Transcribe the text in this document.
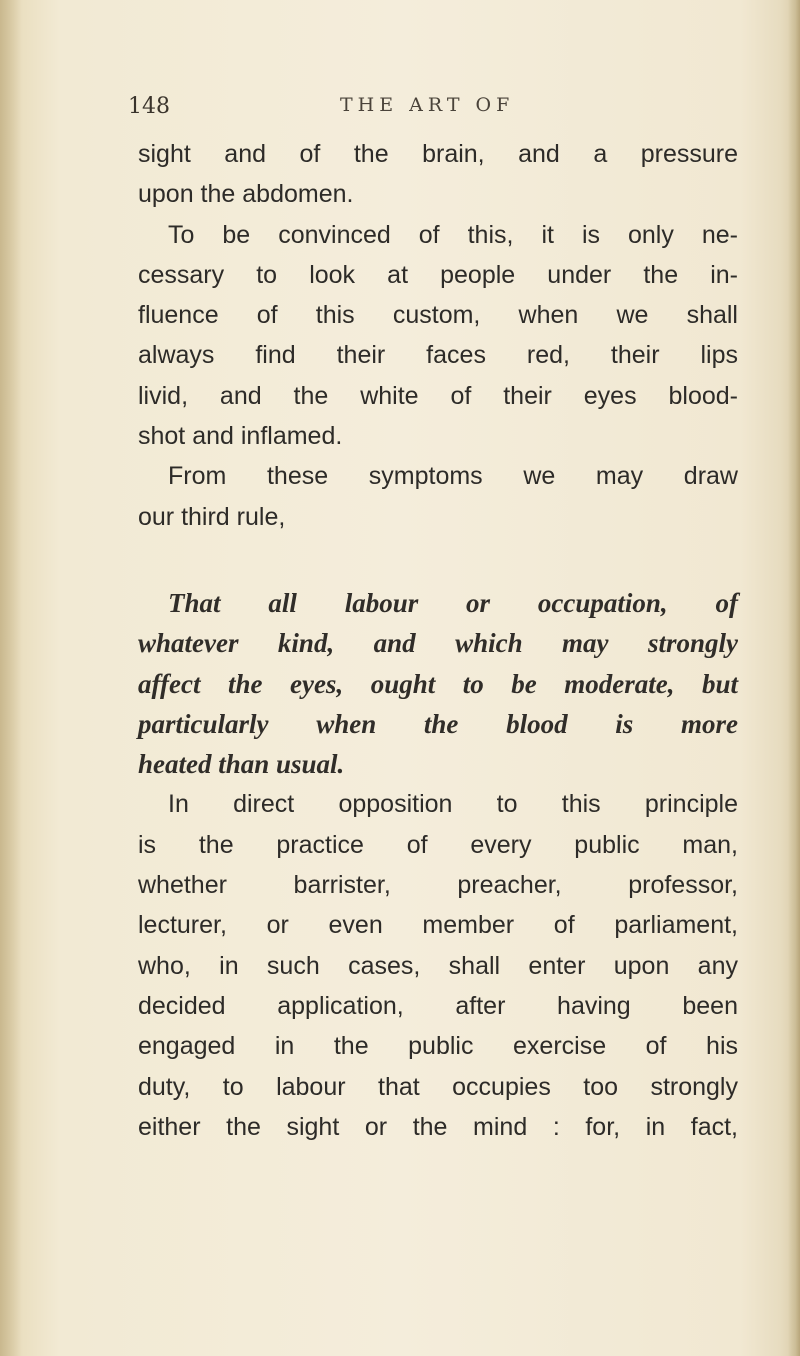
148	THE ART OF
sight and of the brain, and a pressure
upon the abdomen.
To be convinced of this, it is only ne-
cessary to look at people under the in-
fluence of this custom, when we shall
always find their faces red, their lips
livid, and the white of their eyes blood-
shot and inflamed.
From these symptoms we may draw
our third rule,
That all labour or occupation, of
whatever kind, and which may strongly
affect the eyes, ought to be moderate, but
particularly when the blood is more
heated than usual.
In direct opposition to this principle
is the practice of every public man,
whether barrister, preacher, professor,
lecturer, or even member of parliament,
who, in such cases, shall enter upon any
decided application, after having been
engaged in the public exercise of his
duty, to labour that occupies too strongly
either the sight or the mind : for, in fact,
